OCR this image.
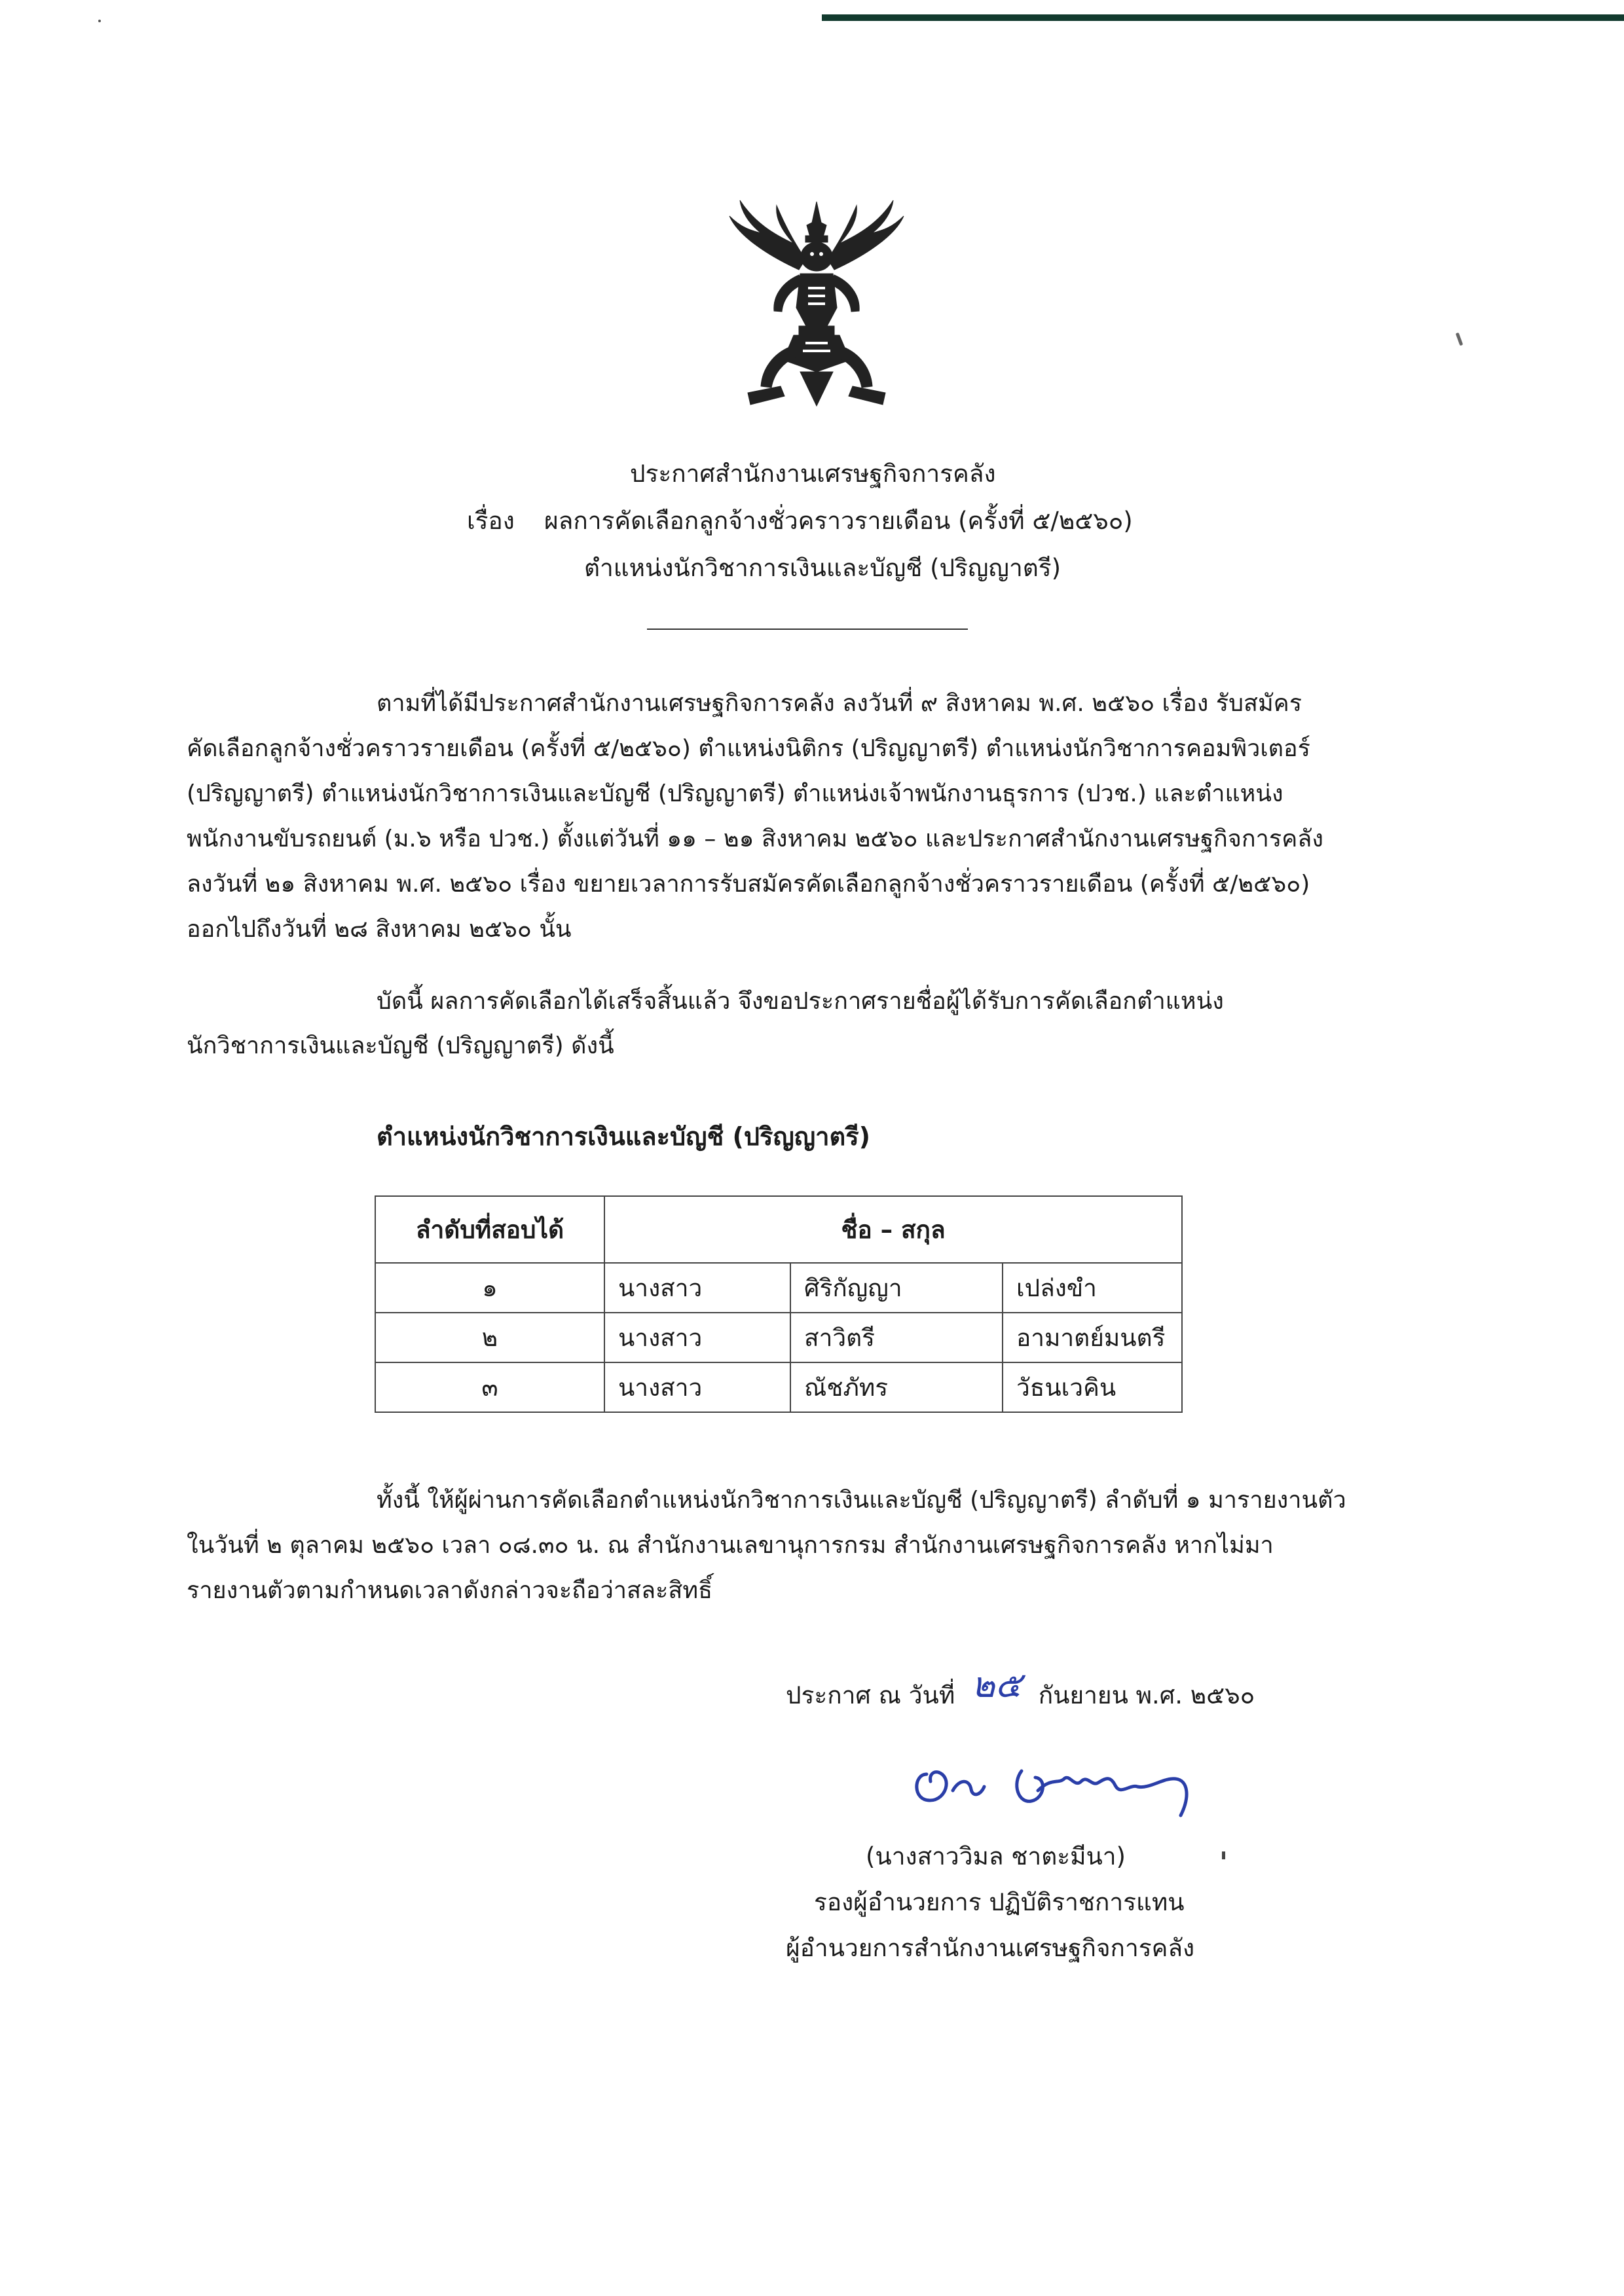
ประกาศสำนักงานเศรษฐกิจการคลัง
เรื่อง ผลการคัดเลือกลูกจ้างชั่วคราวรายเดือน (ครั้งที่ ๕/๒๕๖๐)
ตำแหน่งนักวิชาการเงินและบัญชี (ปริญญาตรี)
ตามที่ได้มีประกาศสำนักงานเศรษฐกิจการคลัง ลงวันที่ ๙ สิงหาคม พ.ศ. ๒๕๖๐ เรื่อง รับสมัคร
คัดเลือกลูกจ้างชั่วคราวรายเดือน (ครั้งที่ ๕/๒๕๖๐) ตำแหน่งนิติกร (ปริญญาตรี) ตำแหน่งนักวิชาการคอมพิวเตอร์
(ปริญญาตรี) ตำแหน่งนักวิชาการเงินและบัญชี (ปริญญาตรี) ตำแหน่งเจ้าพนักงานธุรการ (ปวช.) และตำแหน่ง
พนักงานขับรถยนต์ (ม.๖ หรือ ปวช.) ตั้งแต่วันที่ ๑๑ – ๒๑ สิงหาคม ๒๕๖๐ และประกาศสำนักงานเศรษฐกิจการคลัง
ลงวันที่ ๒๑ สิงหาคม พ.ศ. ๒๕๖๐ เรื่อง ขยายเวลาการรับสมัครคัดเลือกลูกจ้างชั่วคราวรายเดือน (ครั้งที่ ๕/๒๕๖๐)
ออกไปถึงวันที่ ๒๘ สิงหาคม ๒๕๖๐ นั้น
บัดนี้ ผลการคัดเลือกได้เสร็จสิ้นแล้ว จึงขอประกาศรายชื่อผู้ได้รับการคัดเลือกตำแหน่ง
นักวิชาการเงินและบัญชี (ปริญญาตรี) ดังนี้
ตำแหน่งนักวิชาการเงินและบัญชี (ปริญญาตรี)
ลำดับที่สอบได้	ชื่อ – สกุล		
๑	นางสาว	ศิริกัญญา	เปล่งขำ
๒	นางสาว	สาวิตรี	อามาตย์มนตรี
๓	นางสาว	ณัชภัทร	วัธนเวคิน
ทั้งนี้ ให้ผู้ผ่านการคัดเลือกตำแหน่งนักวิชาการเงินและบัญชี (ปริญญาตรี) ลำดับที่ ๑ มารายงานตัว
ในวันที่ ๒ ตุลาคม ๒๕๖๐ เวลา ๐๘.๓๐ น. ณ สำนักงานเลขานุการกรม สำนักงานเศรษฐกิจการคลัง หากไม่มา
รายงานตัวตามกำหนดเวลาดังกล่าวจะถือว่าสละสิทธิ์
ประกาศ ณ วันที่ ๒๕ กันยายน พ.ศ. ๒๕๖๐
(นางสาววิมล ชาตะมีนา)
รองผู้อำนวยการ ปฏิบัติราชการแทน
ผู้อำนวยการสำนักงานเศรษฐกิจการคลัง
